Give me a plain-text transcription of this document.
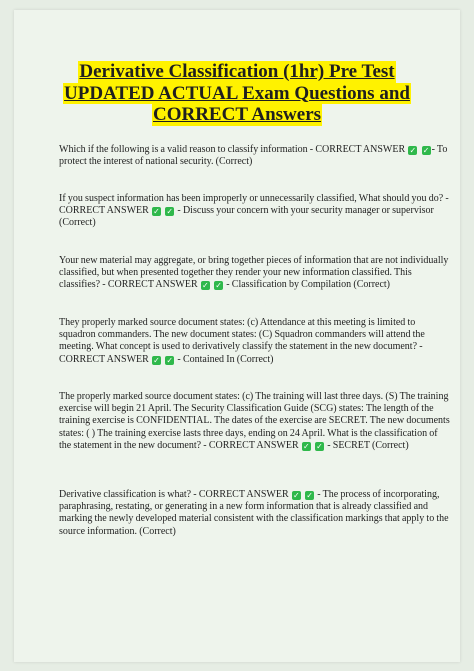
Derivative Classification (1hr) Pre Test
UPDATED ACTUAL Exam Questions and
CORRECT Answers

Which if the following is a valid reason to classify information - CORRECT ANSWER ✓ ✓ - To protect the interest of national security. (Correct)

If you suspect information has been improperly or unnecessarily classified, What should you do? - CORRECT ANSWER ✓ ✓ - Discuss your concern with your security manager or supervisor (Correct)

Your new material may aggregate, or bring together pieces of information that are not individually classified, but when presented together they render your new information classified. This classifies? - CORRECT ANSWER ✓ ✓ - Classification by Compilation (Correct)

They properly marked source document states: (c) Attendance at this meeting is limited to squadron commanders. The new document states: (C) Squadron commanders will attend the meeting. What concept is used to derivatively classify the statement in the new document? - CORRECT ANSWER ✓ ✓ - Contained In (Correct)

The properly marked source document states: (c) The training will last three days. (S) The training exercise will begin 21 April. The Security Classification Guide (SCG) states: The length of the training exercise is CONFIDENTIAL. The dates of the exercise are SECRET. The new documents states: ( ) The training exercise lasts three days, ending on 24 April. What is the classification of the statement in the new document? - CORRECT ANSWER ✓ ✓ - SECRET (Correct)

Derivative classification is what? - CORRECT ANSWER ✓ ✓ - The process of incorporating, paraphrasing, restating, or generating in a new form information that is already classified and marking the newly developed material consistent with the classification markings that apply to the source information. (Correct)
